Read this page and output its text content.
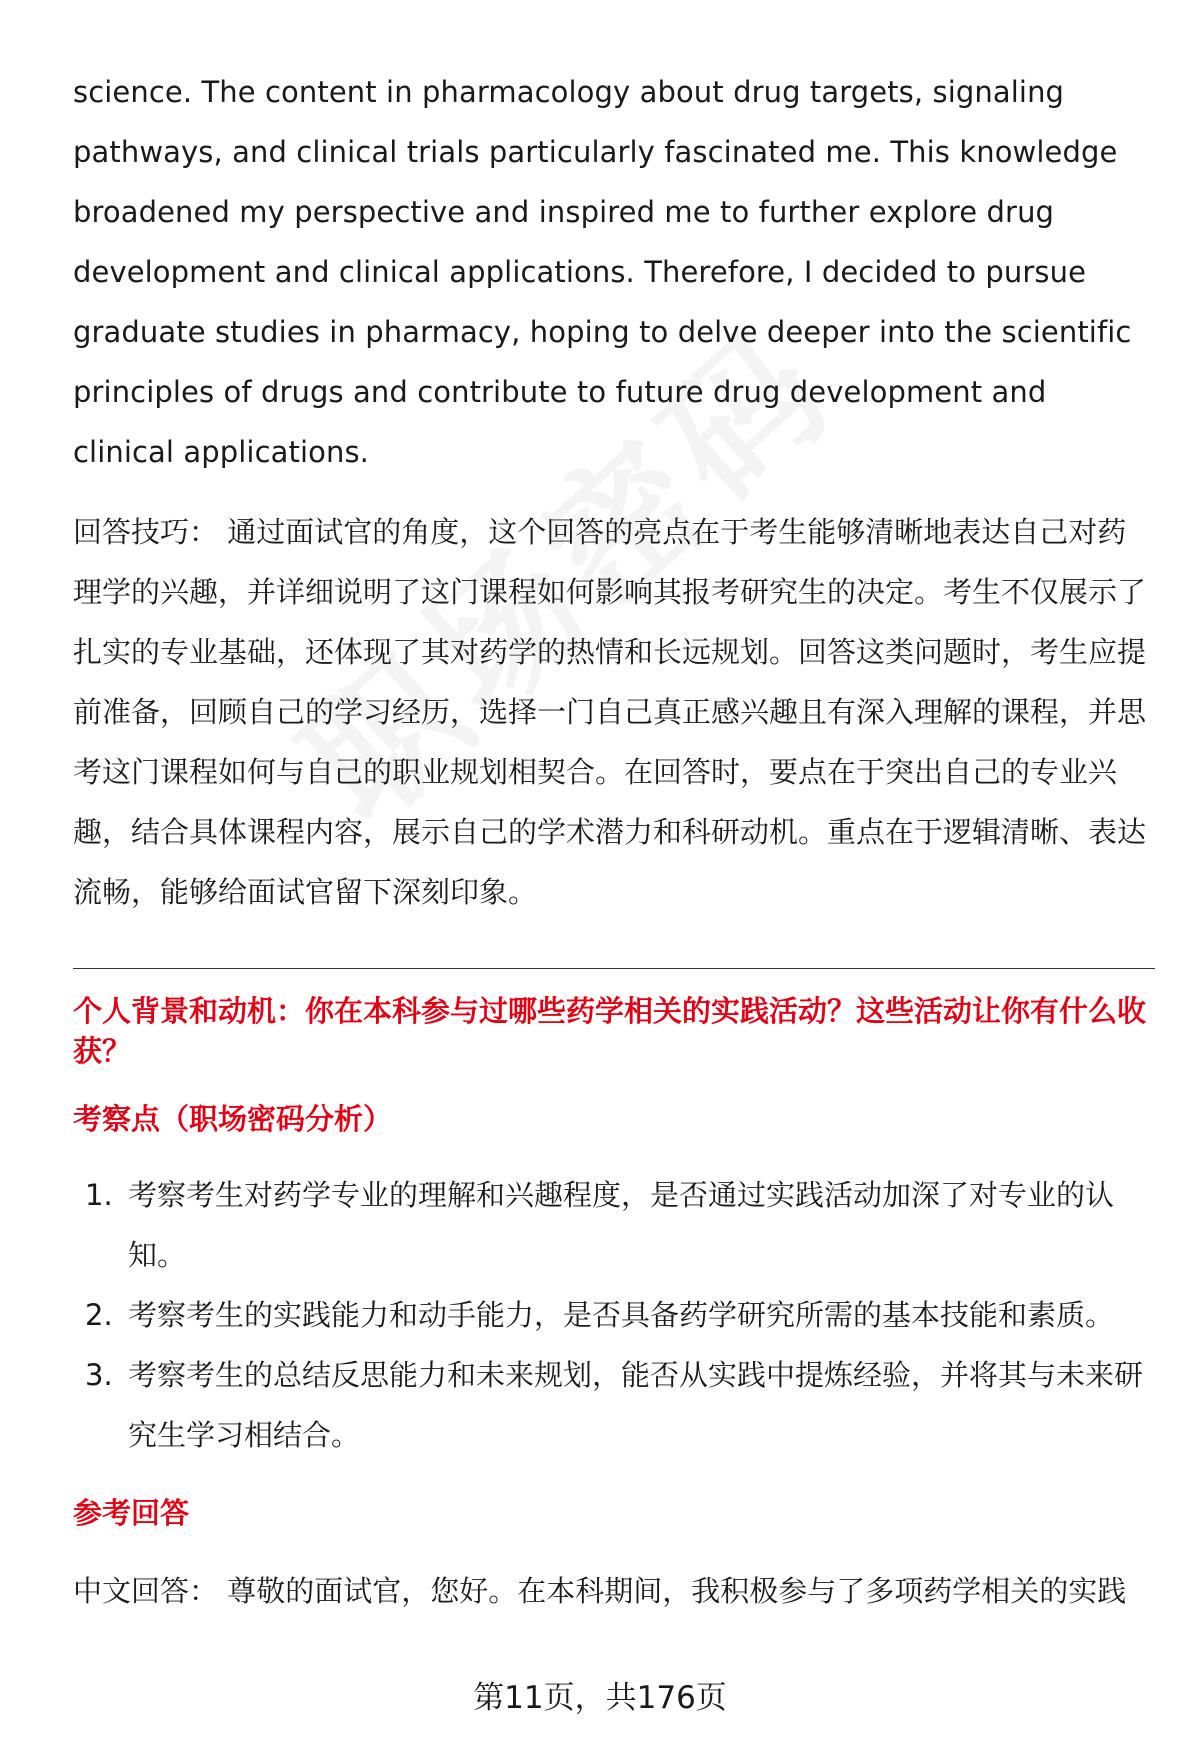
science. The content in pharmacology about drug targets, signaling pathways, and clinical trials particularly fascinated me. This knowledge broadened my perspective and inspired me to further explore drug development and clinical applications. Therefore, I decided to pursue graduate studies in pharmacy, hoping to delve deeper into the scientific principles of drugs and contribute to future drug development and clinical applications.

回答技巧： 通过面试官的角度，这个回答的亮点在于考生能够清晰地表达自己对药理学的兴趣，并详细说明了这门课程如何影响其报考研究生的决定。考生不仅展示了扎实的专业基础，还体现了其对药学的热情和长远规划。回答这类问题时，考生应提前准备，回顾自己的学习经历，选择一门自己真正感兴趣且有深入理解的课程，并思考这门课程如何与自己的职业规划相契合。在回答时，要点在于突出自己的专业兴趣，结合具体课程内容，展示自己的学术潜力和科研动机。重点在于逻辑清晰、表达流畅，能够给面试官留下深刻印象。

个人背景和动机：你在本科参与过哪些药学相关的实践活动？这些活动让你有什么收获？
考察点（职场密码分析）
1. 考察考生对药学专业的理解和兴趣程度，是否通过实践活动加深了对专业的认知。
2. 考察考生的实践能力和动手能力，是否具备药学研究所需的基本技能和素质。
3. 考察考生的总结反思能力和未来规划，能否从实践中提炼经验，并将其与未来研究生学习相结合。
参考回答

中文回答： 尊敬的面试官，您好。在本科期间，我积极参与了多项药学相关的实践

第11页，共176页
